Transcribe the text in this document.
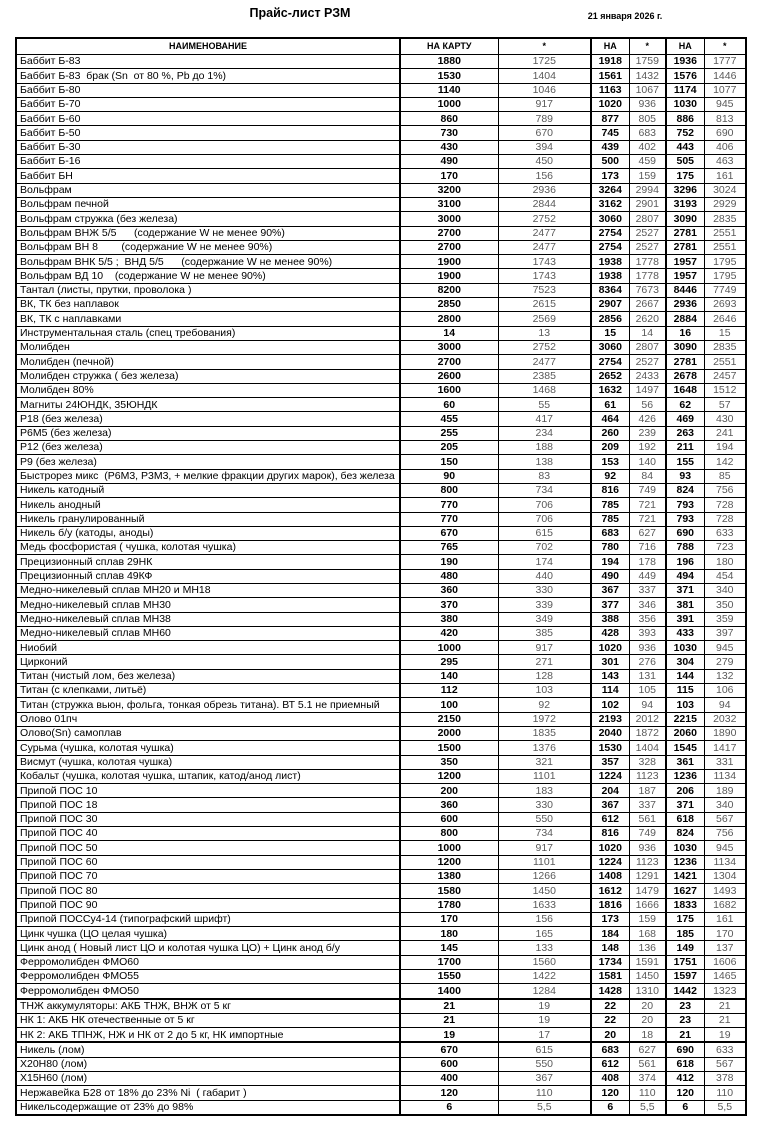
Прайс-лист РЗМ	21 января 2026 г.
НАИМЕНОВАНИЕ	НА КАРТУ	*	НА	*	НА	*
Баббит Б-83	1880	1725	1918	1759	1936	1777
Баббит Б-83  брак (Sn  от 80 %, Pb до 1%)	1530	1404	1561	1432	1576	1446
Баббит Б-80	1140	1046	1163	1067	1174	1077
Баббит Б-70	1000	917	1020	936	1030	945
Баббит Б-60	860	789	877	805	886	813
Баббит Б-50	730	670	745	683	752	690
Баббит Б-30	430	394	439	402	443	406
Баббит Б-16	490	450	500	459	505	463
Баббит БН	170	156	173	159	175	161
Вольфрам	3200	2936	3264	2994	3296	3024
Вольфрам печной	3100	2844	3162	2901	3193	2929
Вольфрам стружка (без железа)	3000	2752	3060	2807	3090	2835
Вольфрам ВНЖ 5/5      (содержание W не менее 90%)	2700	2477	2754	2527	2781	2551
Вольфрам ВН 8        (содержание W не менее 90%)	2700	2477	2754	2527	2781	2551
Вольфрам ВНК 5/5 ;  ВНД 5/5      (содержание W не менее 90%)	1900	1743	1938	1778	1957	1795
Вольфрам ВД 10    (содержание W не менее 90%)	1900	1743	1938	1778	1957	1795
Тантал (листы, прутки, проволока )	8200	7523	8364	7673	8446	7749
ВК, ТК без наплавок	2850	2615	2907	2667	2936	2693
ВК, ТК с наплавками	2800	2569	2856	2620	2884	2646
Инструментальная сталь (спец требования)	14	13	15	14	16	15
Молибден	3000	2752	3060	2807	3090	2835
Молибден (печной)	2700	2477	2754	2527	2781	2551
Молибден стружка ( без железа)	2600	2385	2652	2433	2678	2457
Молибден 80%	1600	1468	1632	1497	1648	1512
Магниты 24ЮНДК, 35ЮНДК	60	55	61	56	62	57
Р18 (без железа)	455	417	464	426	469	430
Р6М5 (без железа)	255	234	260	239	263	241
Р12 (без железа)	205	188	209	192	211	194
Р9 (без железа)	150	138	153	140	155	142
Быстрорез микс  (Р6М3, Р3М3, + мелкие фракции других марок), без железа	90	83	92	84	93	85
Никель катодный	800	734	816	749	824	756
Никель анодный	770	706	785	721	793	728
Никель гранулированный	770	706	785	721	793	728
Никель б/у (катоды, аноды)	670	615	683	627	690	633
Медь фосфористая ( чушка, колотая чушка)	765	702	780	716	788	723
Прецизионный сплав 29НК	190	174	194	178	196	180
Прецизионный сплав 49КФ	480	440	490	449	494	454
Медно-никелевый сплав МН20 и МН18	360	330	367	337	371	340
Медно-никелевый сплав МН30	370	339	377	346	381	350
Медно-никелевый сплав МН38	380	349	388	356	391	359
Медно-никелевый сплав МН60	420	385	428	393	433	397
Ниобий	1000	917	1020	936	1030	945
Цирконий	295	271	301	276	304	279
Титан (чистый лом, без железа)	140	128	143	131	144	132
Титан (с клепками, литьё)	112	103	114	105	115	106
Титан (стружка вьюн, фольга, тонкая обрезь титана). ВТ 5.1 не приемный	100	92	102	94	103	94
Олово 01пч	2150	1972	2193	2012	2215	2032
Олово(Sn) самоплав	2000	1835	2040	1872	2060	1890
Сурьма (чушка, колотая чушка)	1500	1376	1530	1404	1545	1417
Висмут (чушка, колотая чушка)	350	321	357	328	361	331
Кобальт (чушка, колотая чушка, штапик, катод/анод лист)	1200	1101	1224	1123	1236	1134
Припой ПОС 10	200	183	204	187	206	189
Припой ПОС 18	360	330	367	337	371	340
Припой ПОС 30	600	550	612	561	618	567
Припой ПОС 40	800	734	816	749	824	756
Припой ПОС 50	1000	917	1020	936	1030	945
Припой ПОС 60	1200	1101	1224	1123	1236	1134
Припой ПОС 70	1380	1266	1408	1291	1421	1304
Припой ПОС 80	1580	1450	1612	1479	1627	1493
Припой ПОС 90	1780	1633	1816	1666	1833	1682
Припой ПОССу4-14 (типографский шрифт)	170	156	173	159	175	161
Цинк чушка (ЦО целая чушка)	180	165	184	168	185	170
Цинк анод ( Новый лист ЦО и колотая чушка ЦО) + Цинк анод б/у	145	133	148	136	149	137
Ферромолибден ФМО60	1700	1560	1734	1591	1751	1606
Ферромолибден ФМО55	1550	1422	1581	1450	1597	1465
Ферромолибден ФМО50	1400	1284	1428	1310	1442	1323
ТНЖ аккумуляторы: АКБ ТНЖ, ВНЖ от 5 кг	21	19	22	20	23	21
НК 1: АКБ НК отечественные от 5 кг	21	19	22	20	23	21
НК 2: АКБ ТПНЖ, НЖ и НК от 2 до 5 кг, НК импортные	19	17	20	18	21	19
Никель (лом)	670	615	683	627	690	633
Х20Н80 (лом)	600	550	612	561	618	567
Х15Н60 (лом)	400	367	408	374	412	378
Нержавейка Б28 от 18% до 23% Ni  ( габарит )	120	110	120	110	120	110
Никельсодержащие от 23% до 98%	6	5,5	6	5,5	6	5,5
